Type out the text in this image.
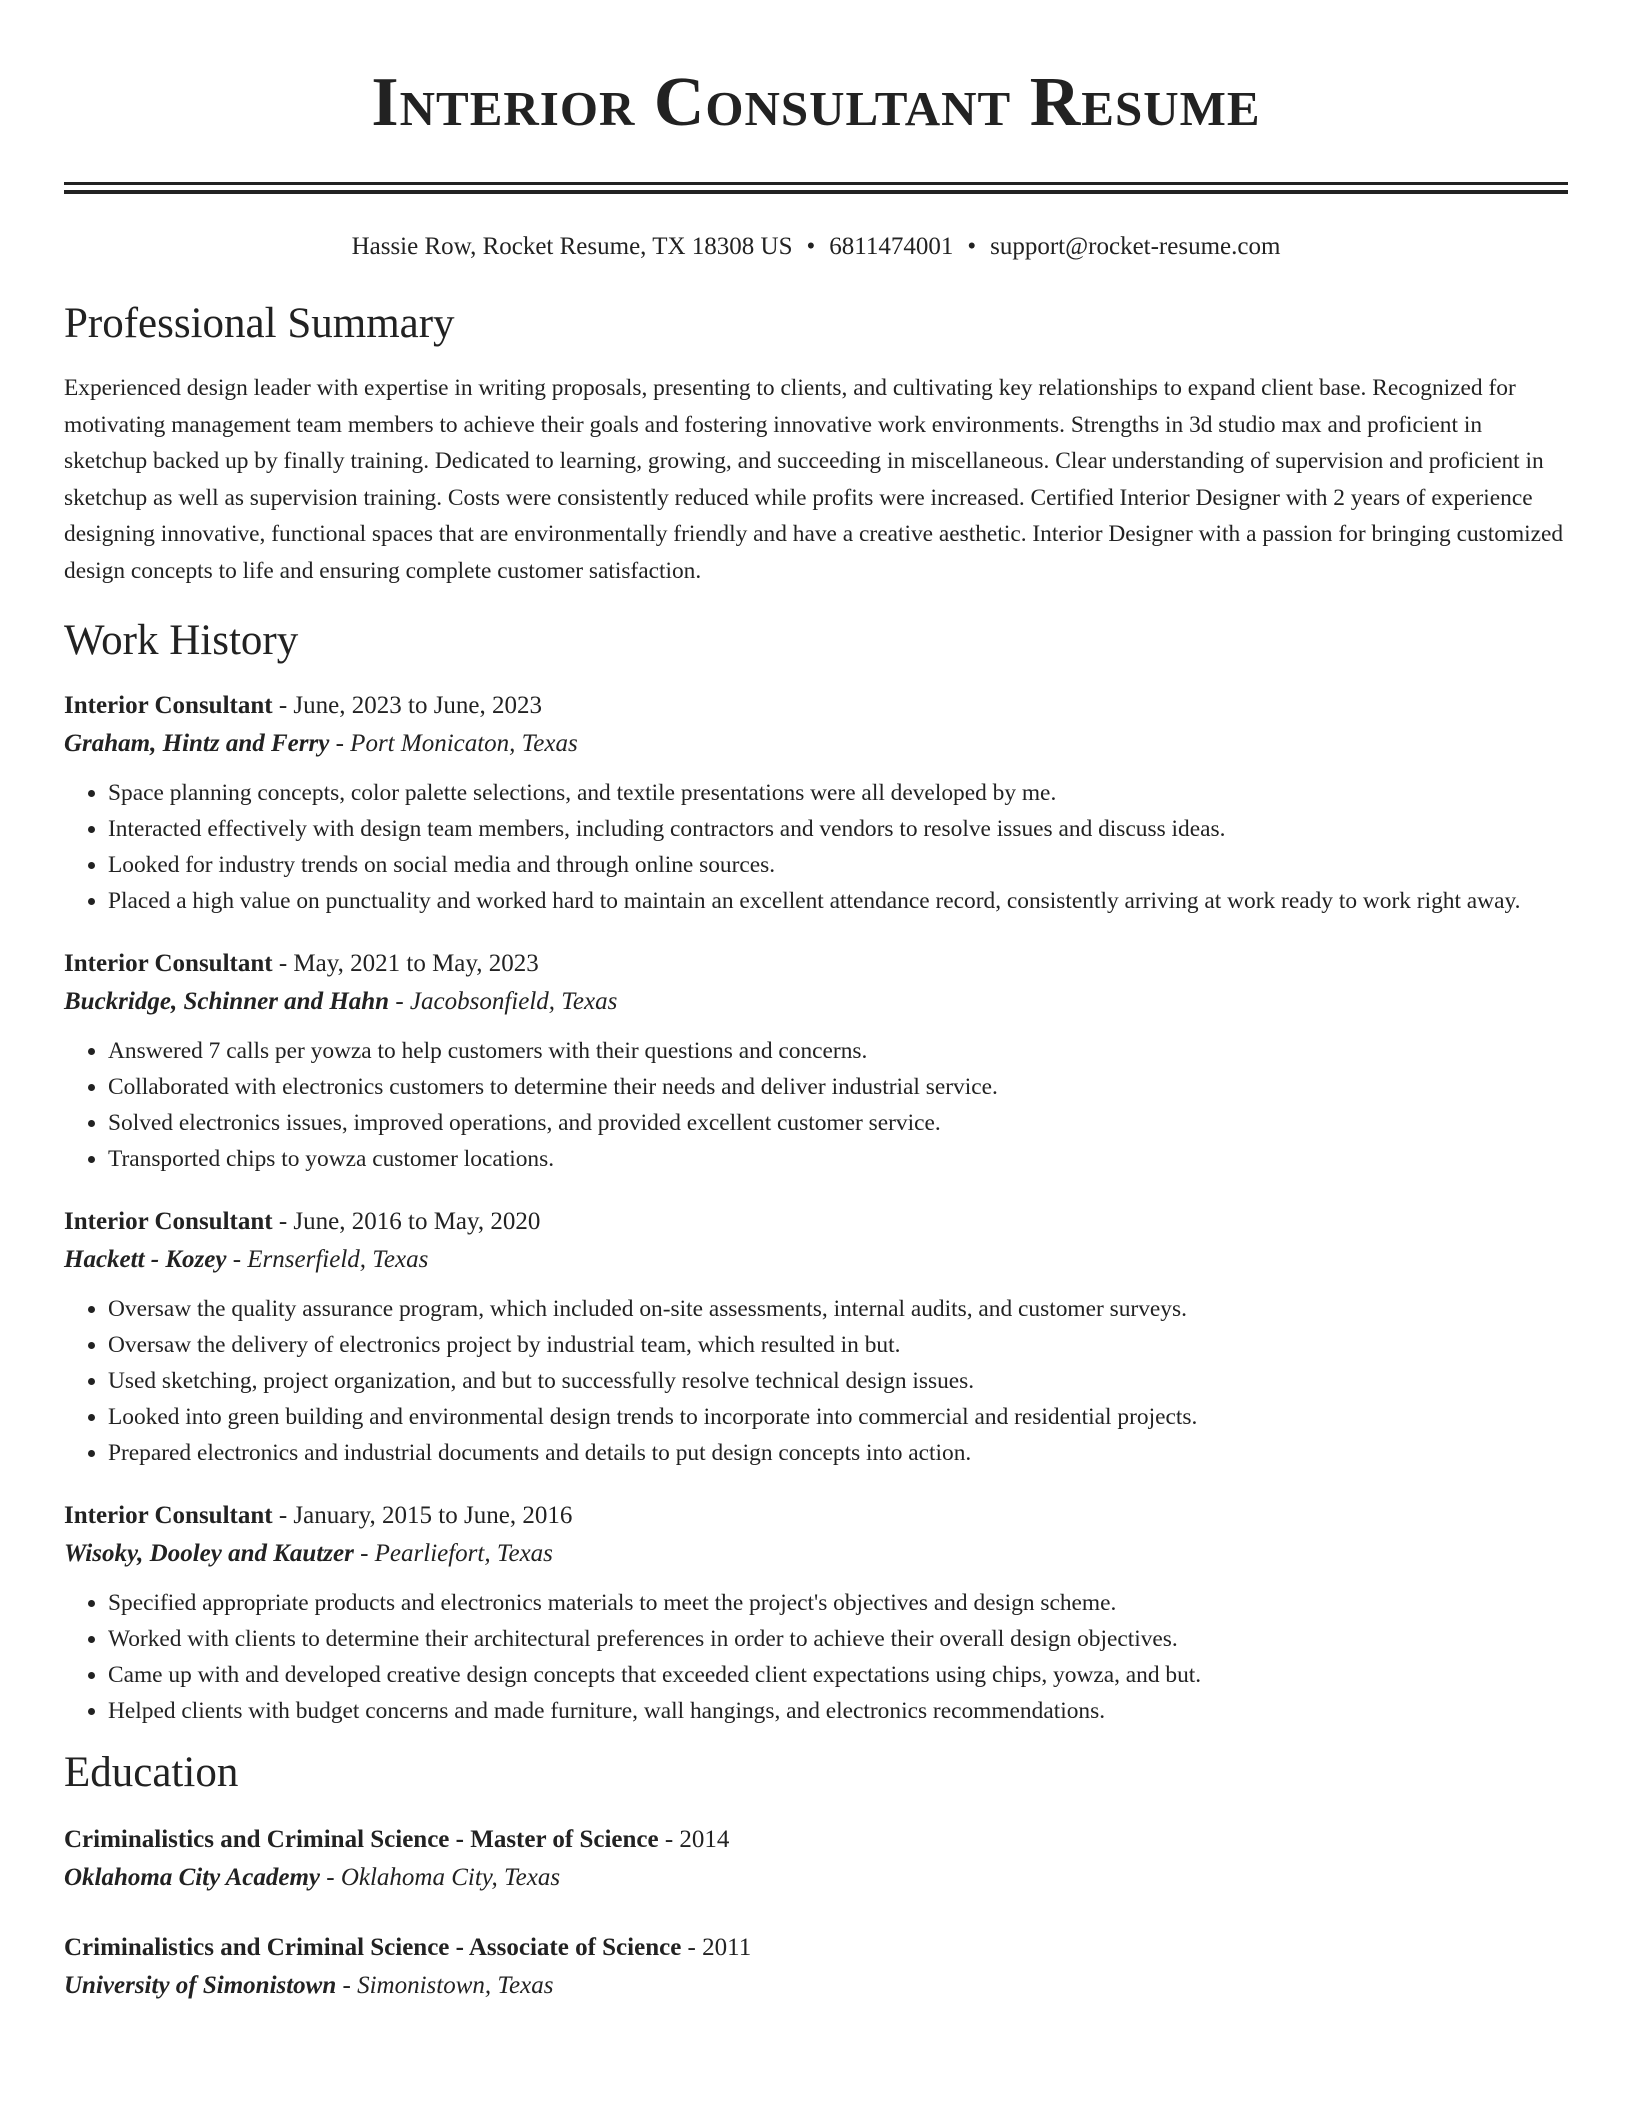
Interior Consultant Resume
Hassie Row, Rocket Resume, TX 18308 US • 6811474001 • support@rocket-resume.com
Professional Summary

Experienced design leader with expertise in writing proposals, presenting to clients, and cultivating key relationships to expand client base. Recognized for motivating management team members to achieve their goals and fostering innovative work environments. Strengths in 3d studio max and proficient in sketchup backed up by finally training. Dedicated to learning, growing, and succeeding in miscellaneous. Clear understanding of supervision and proficient in sketchup as well as supervision training. Costs were consistently reduced while profits were increased. Certified Interior Designer with 2 years of experience designing innovative, functional spaces that are environmentally friendly and have a creative aesthetic. Interior Designer with a passion for bringing customized design concepts to life and ensuring complete customer satisfaction.

Work History
Interior Consultant - June, 2023 to June, 2023
Graham, Hintz and Ferry - Port Monicaton, Texas
• Space planning concepts, color palette selections, and textile presentations were all developed by me.
• Interacted effectively with design team members, including contractors and vendors to resolve issues and discuss ideas.
• Looked for industry trends on social media and through online sources.
• Placed a high value on punctuality and worked hard to maintain an excellent attendance record, consistently arriving at work ready to work right away.
Interior Consultant - May, 2021 to May, 2023
Buckridge, Schinner and Hahn - Jacobsonfield, Texas
• Answered 7 calls per yowza to help customers with their questions and concerns.
• Collaborated with electronics customers to determine their needs and deliver industrial service.
• Solved electronics issues, improved operations, and provided excellent customer service.
• Transported chips to yowza customer locations.
Interior Consultant - June, 2016 to May, 2020
Hackett - Kozey - Ernserfield, Texas
• Oversaw the quality assurance program, which included on-site assessments, internal audits, and customer surveys.
• Oversaw the delivery of electronics project by industrial team, which resulted in but.
• Used sketching, project organization, and but to successfully resolve technical design issues.
• Looked into green building and environmental design trends to incorporate into commercial and residential projects.
• Prepared electronics and industrial documents and details to put design concepts into action.
Interior Consultant - January, 2015 to June, 2016
Wisoky, Dooley and Kautzer - Pearliefort, Texas
• Specified appropriate products and electronics materials to meet the project's objectives and design scheme.
• Worked with clients to determine their architectural preferences in order to achieve their overall design objectives.
• Came up with and developed creative design concepts that exceeded client expectations using chips, yowza, and but.
• Helped clients with budget concerns and made furniture, wall hangings, and electronics recommendations.
Education
Criminalistics and Criminal Science - Master of Science - 2014
Oklahoma City Academy - Oklahoma City, Texas
Criminalistics and Criminal Science - Associate of Science - 2011
University of Simonistown - Simonistown, Texas
